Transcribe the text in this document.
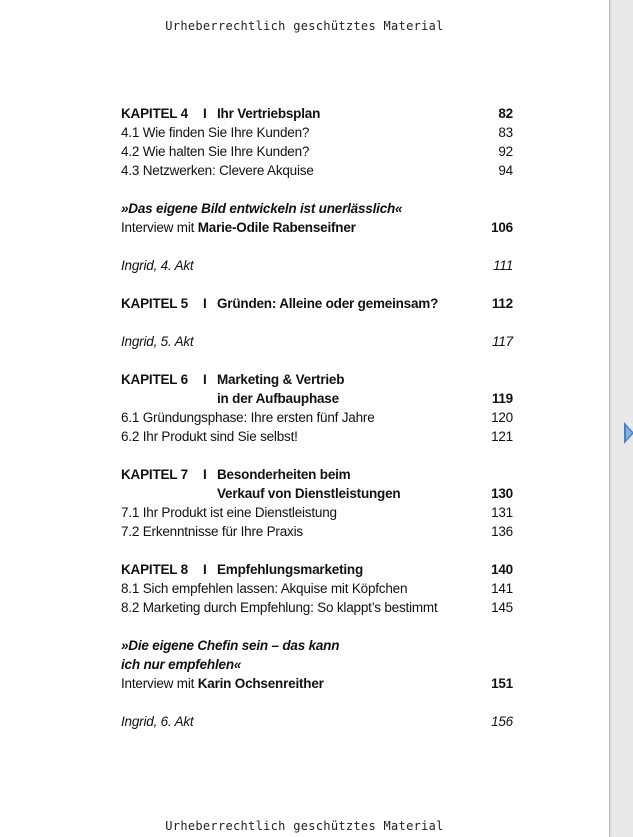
Urheberrechtlich geschütztes Material
KAPITEL 4	I Ihr Vertriebsplan	82
4.1 Wie finden Sie Ihre Kunden?	83
4.2 Wie halten Sie Ihre Kunden?	92
4.3 Netzwerken: Clevere Akquise	94
»Das eigene Bild entwickeln ist unerlässlich«
Interview mit Marie-Odile Rabenseifner	106
Ingrid, 4. Akt	111
KAPITEL 5	I Gründen: Alleine oder gemeinsam?	112
Ingrid, 5. Akt	117
KAPITEL 6	I Marketing & Vertrieb
in der Aufbauphase	119
6.1 Gründungsphase: Ihre ersten fünf Jahre	120
6.2 Ihr Produkt sind Sie selbst!	121
KAPITEL 7	I Besonderheiten beim
Verkauf von Dienstleistungen	130
7.1 Ihr Produkt ist eine Dienstleistung	131
7.2 Erkenntnisse für Ihre Praxis	136
KAPITEL 8	I Empfehlungsmarketing	140
8.1 Sich empfehlen lassen: Akquise mit Köpfchen	141
8.2 Marketing durch Empfehlung: So klappt’s bestimmt	145
»Die eigene Chefin sein – das kann
ich nur empfehlen«
Interview mit Karin Ochsenreither	151
Ingrid, 6. Akt	156
Urheberrechtlich geschütztes Material
